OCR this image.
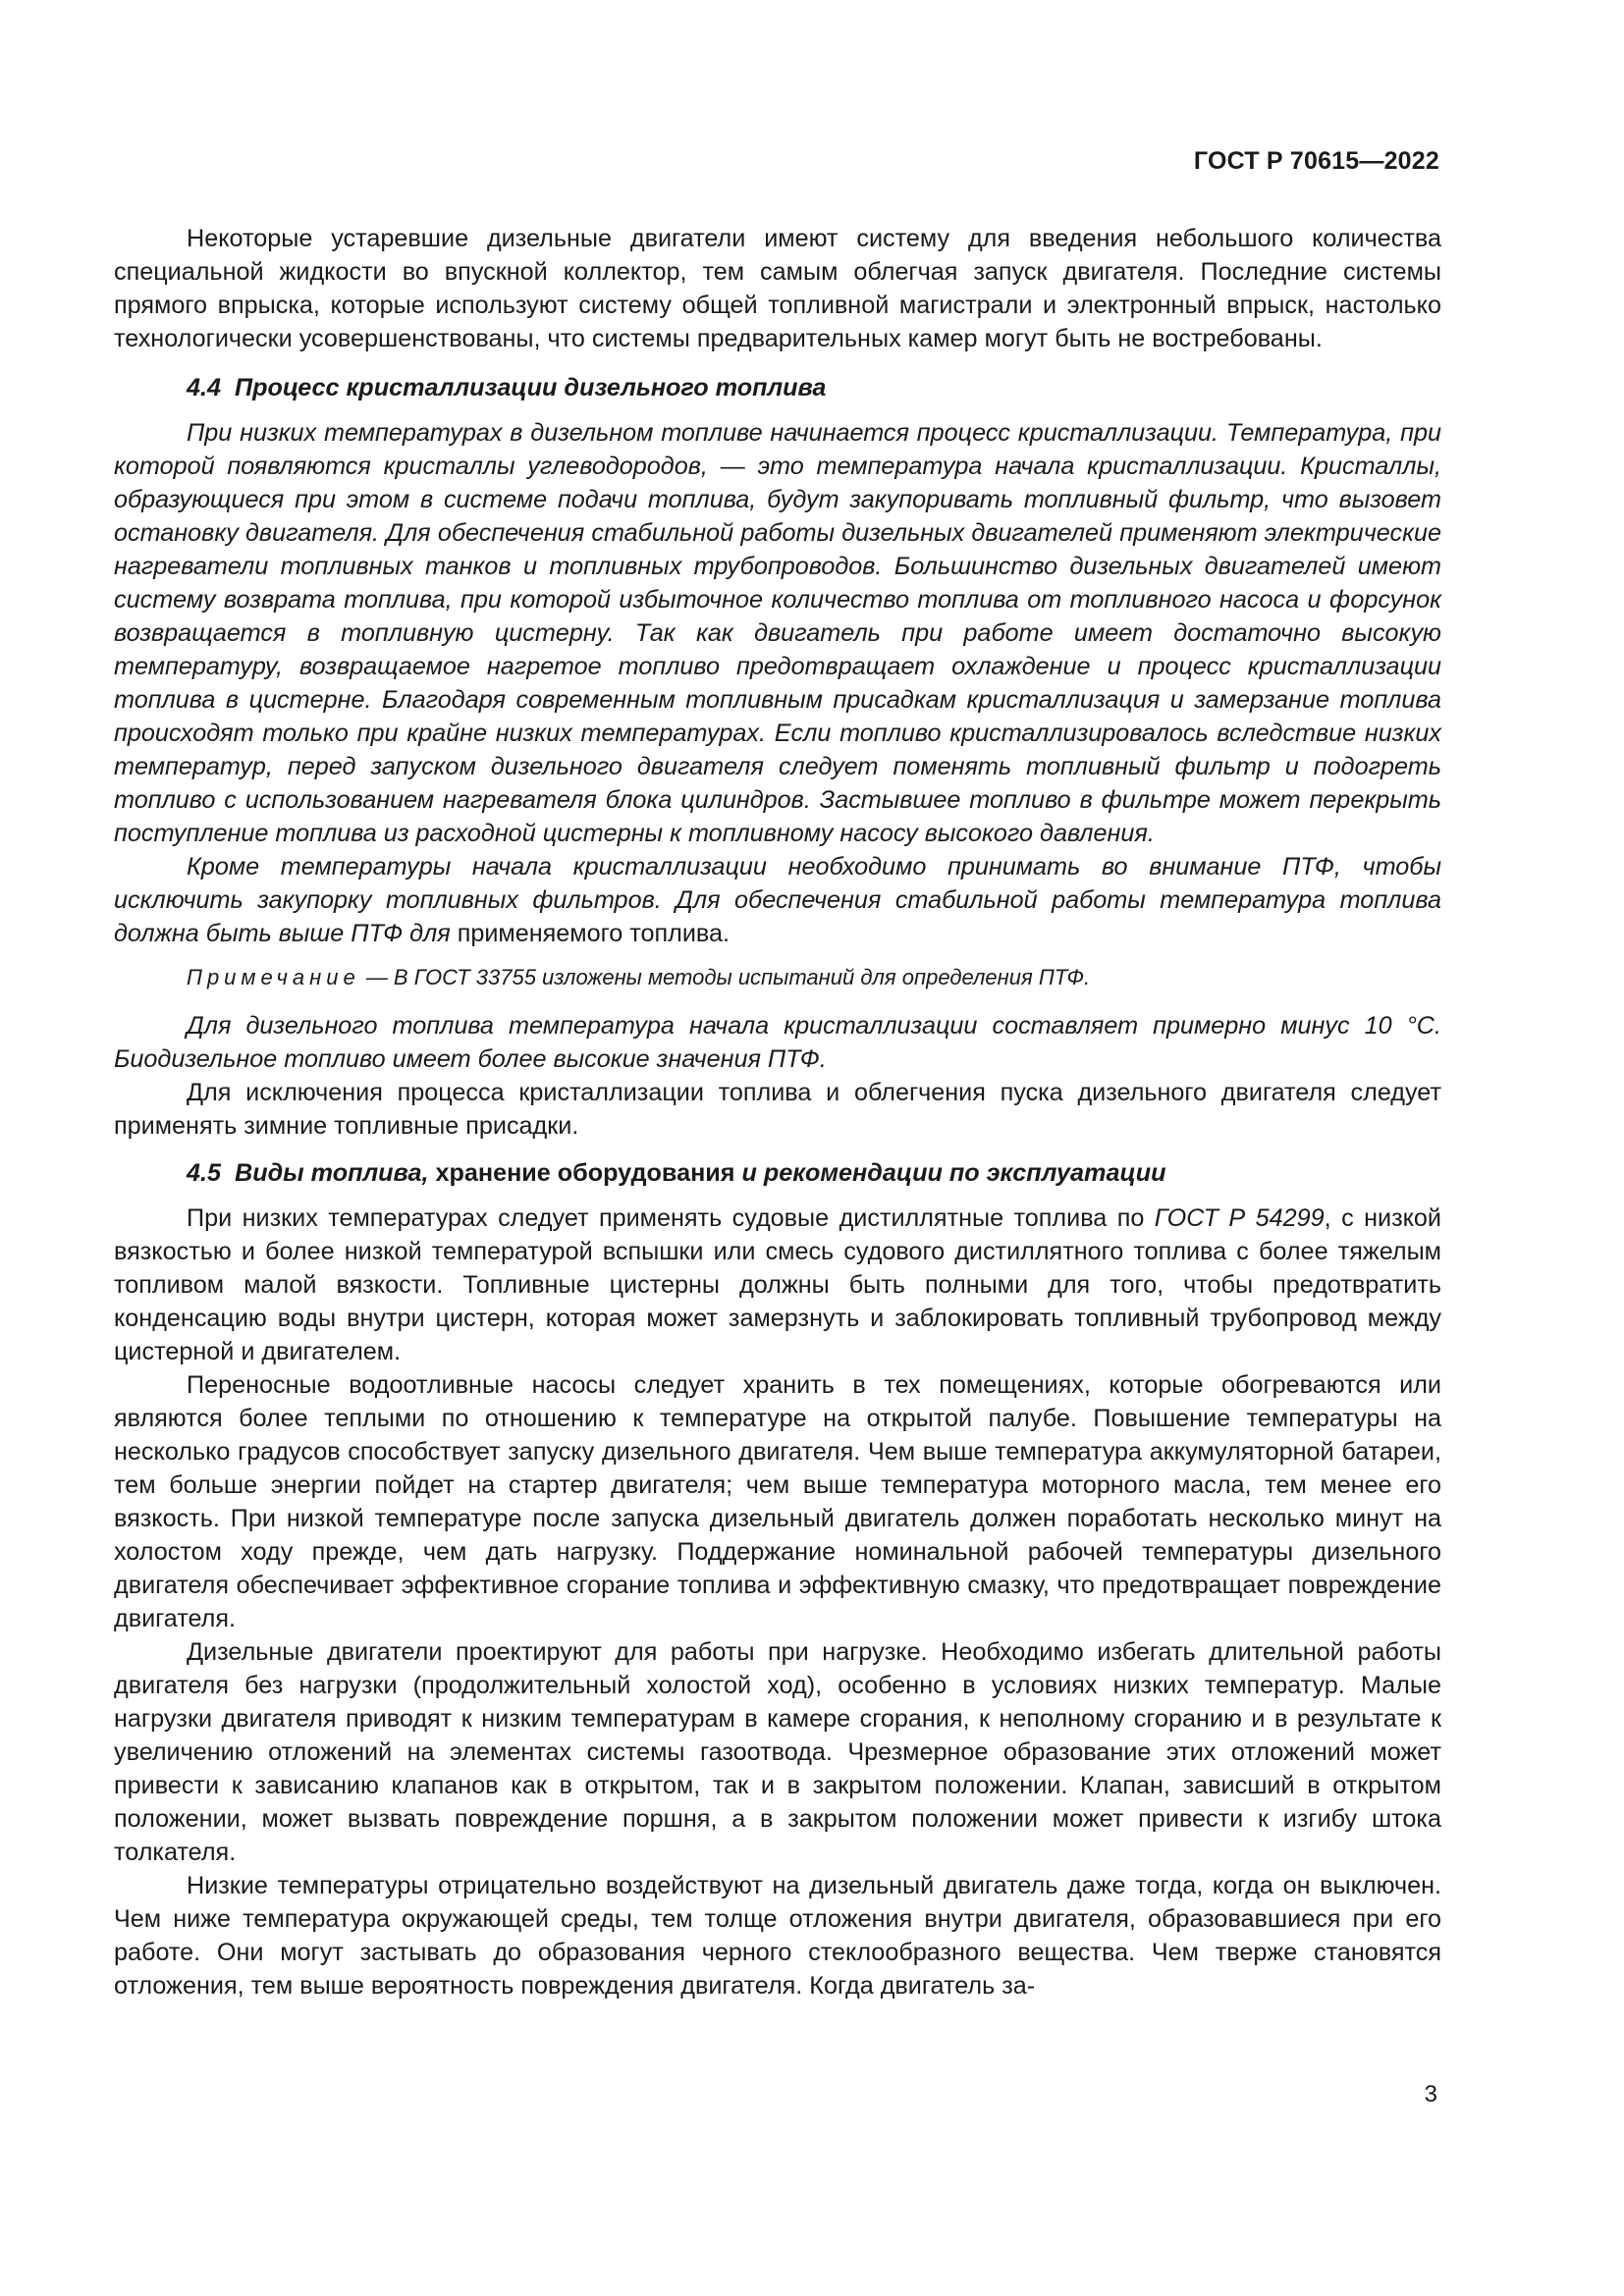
ГОСТ Р 70615—2022

Некоторые устаревшие дизельные двигатели имеют систему для введения небольшого количества специальной жидкости во впускной коллектор, тем самым облегчая запуск двигателя. Последние системы прямого впрыска, которые используют систему общей топливной магистрали и электронный впрыск, настолько технологически усовершенствованы, что системы предварительных камер могут быть не востребованы.

4.4 Процесс кристаллизации дизельного топлива

При низких температурах в дизельном топливе начинается процесс кристаллизации. Температура, при которой появляются кристаллы углеводородов, — это температура начала кристаллизации. Кристаллы, образующиеся при этом в системе подачи топлива, будут закупоривать топливный фильтр, что вызовет остановку двигателя. Для обеспечения стабильной работы дизельных двигателей применяют электрические нагреватели топливных танков и топливных трубопроводов. Большинство дизельных двигателей имеют систему возврата топлива, при которой избыточное количество топлива от топливного насоса и форсунок возвращается в топливную цистерну. Так как двигатель при работе имеет достаточно высокую температуру, возвращаемое нагретое топливо предотвращает охлаждение и процесс кристаллизации топлива в цистерне. Благодаря современным топливным присадкам кристаллизация и замерзание топлива происходят только при крайне низких температурах. Если топливо кристаллизировалось вследствие низких температур, перед запуском дизельного двигателя следует поменять топливный фильтр и подогреть топливо с использованием нагревателя блока цилиндров. Застывшее топливо в фильтре может перекрыть поступление топлива из расходной цистерны к топливному насосу высокого давления.

Кроме температуры начала кристаллизации необходимо принимать во внимание ПТФ, чтобы исключить закупорку топливных фильтров. Для обеспечения стабильной работы температура топлива должна быть выше ПТФ для применяемого топлива.

Примечание — В ГОСТ 33755 изложены методы испытаний для определения ПТФ.

Для дизельного топлива температура начала кристаллизации составляет примерно минус 10 °С. Биодизельное топливо имеет более высокие значения ПТФ.

Для исключения процесса кристаллизации топлива и облегчения пуска дизельного двигателя следует применять зимние топливные присадки.

4.5 Виды топлива, хранение оборудования и рекомендации по эксплуатации

При низких температурах следует применять судовые дистиллятные топлива по ГОСТ Р 54299, с низкой вязкостью и более низкой температурой вспышки или смесь судового дистиллятного топлива с более тяжелым топливом малой вязкости. Топливные цистерны должны быть полными для того, чтобы предотвратить конденсацию воды внутри цистерн, которая может замерзнуть и заблокировать топливный трубопровод между цистерной и двигателем.

Переносные водоотливные насосы следует хранить в тех помещениях, которые обогреваются или являются более теплыми по отношению к температуре на открытой палубе. Повышение температуры на несколько градусов способствует запуску дизельного двигателя. Чем выше температура аккумуляторной батареи, тем больше энергии пойдет на стартер двигателя; чем выше температура моторного масла, тем менее его вязкость. При низкой температуре после запуска дизельный двигатель должен поработать несколько минут на холостом ходу прежде, чем дать нагрузку. Поддержание номинальной рабочей температуры дизельного двигателя обеспечивает эффективное сгорание топлива и эффективную смазку, что предотвращает повреждение двигателя.

Дизельные двигатели проектируют для работы при нагрузке. Необходимо избегать длительной работы двигателя без нагрузки (продолжительный холостой ход), особенно в условиях низких температур. Малые нагрузки двигателя приводят к низким температурам в камере сгорания, к неполному сгоранию и в результате к увеличению отложений на элементах системы газоотвода. Чрезмерное образование этих отложений может привести к зависанию клапанов как в открытом, так и в закрытом положении. Клапан, зависший в открытом положении, может вызвать повреждение поршня, а в закрытом положении может привести к изгибу штока толкателя.

Низкие температуры отрицательно воздействуют на дизельный двигатель даже тогда, когда он выключен. Чем ниже температура окружающей среды, тем толще отложения внутри двигателя, образовавшиеся при его работе. Они могут застывать до образования черного стеклообразного вещества. Чем тверже становятся отложения, тем выше вероятность повреждения двигателя. Когда двигатель за-

3
